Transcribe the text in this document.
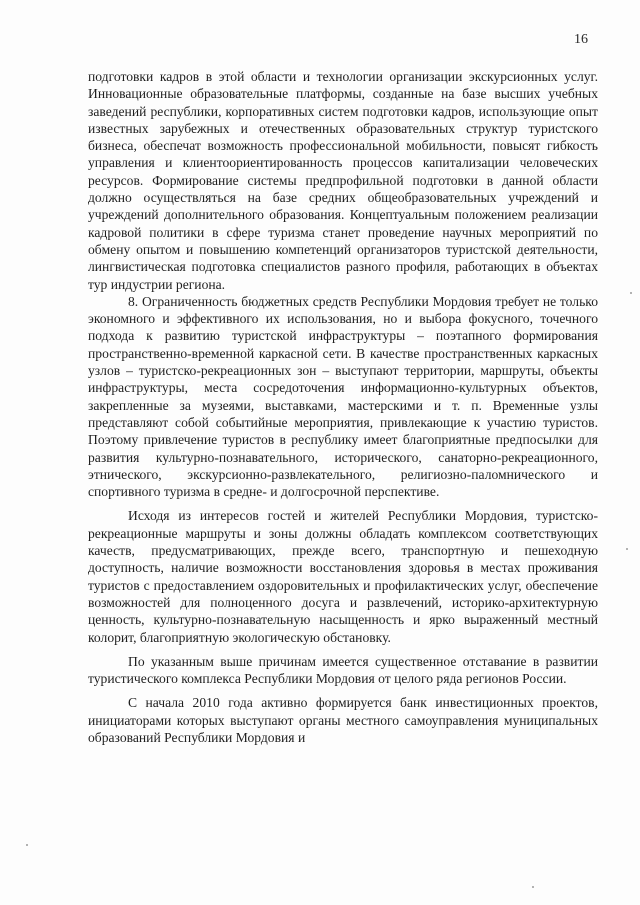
16

подготовки кадров в этой области и технологии организации экскурсионных услуг. Инновационные образовательные платформы, созданные на базе высших учебных заведений республики, корпоративных систем подготовки кадров, использующие опыт известных зарубежных и отечественных образовательных структур туристского бизнеса, обеспечат возможность профессиональной мобильности, повысят гибкость управления и клиентоориентированность процессов капитализации человеческих ресурсов. Формирование системы предпрофильной подготовки в данной области должно осуществляться на базе средних общеобразовательных учреждений и учреждений дополнительного образования. Концептуальным положением реализации кадровой политики в сфере туризма станет проведение научных мероприятий по обмену опытом и повышению компетенций организаторов туристской деятельности, лингвистическая подготовка специалистов разного профиля, работающих в объектах тур индустрии региона.

8. Ограниченность бюджетных средств Республики Мордовия требует не только экономного и эффективного их использования, но и выбора фокусного, точечного подхода к развитию туристской инфраструктуры – поэтапного формирования пространственно-временной каркасной сети. В качестве пространственных каркасных узлов – туристско-рекреационных зон – выступают территории, маршруты, объекты инфраструктуры, места сосредоточения информационно-культурных объектов, закрепленные за музеями, выставками, мастерскими и т. п. Временные узлы представляют собой событийные мероприятия, привлекающие к участию туристов. Поэтому привлечение туристов в республику имеет благоприятные предпосылки для развития культурно-познавательного, исторического, санаторно-рекреационного, этнического, экскурсионно-развлекательного, религиозно-паломнического и спортивного туризма в средне- и долгосрочной перспективе.

Исходя из интересов гостей и жителей Республики Мордовия, туристско-рекреационные маршруты и зоны должны обладать комплексом соответствующих качеств, предусматривающих, прежде всего, транспортную и пешеходную доступность, наличие возможности восстановления здоровья в местах проживания туристов с предоставлением оздоровительных и профилактических услуг, обеспечение возможностей для полноценного досуга и развлечений, историко-архитектурную ценность, культурно-познавательную насыщенность и ярко выраженный местный колорит, благоприятную экологическую обстановку.

По указанным выше причинам имеется существенное отставание в развитии туристического комплекса Республики Мордовия от целого ряда регионов России.

С начала 2010 года активно формируется банк инвестиционных проектов, инициаторами которых выступают органы местного самоуправления муниципальных образований Республики Мордовия и
